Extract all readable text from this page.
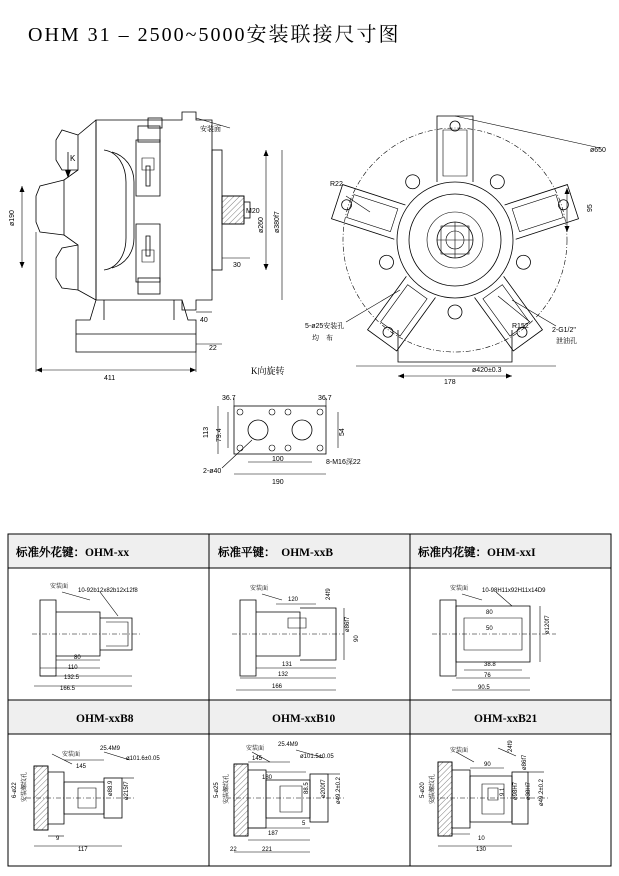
OHM 31 – 2500~5000安装联接尺寸图
安装面
K
M20
ø190	ø260 ø380f7
30
40
22
411
K向旋转
ø650
R22
95
5-ø25安装孔
均　布
R152
2-G1/2"
泄油孔
ø420±0.3
178
36.7	36.7
113 79.4	54
2-ø40
100
190
8-M16深22
标准外花键：OHM-xx	标准平键：　OHM-xxB	标准内花键：OHM-xxI
OHM-xxB8	OHM-xxB10	OHM-xxB21
安装面
10-92b12x82b12x12f8
80
110
132.5
166.5
安装面
120	24f9
ø86f7
90
131
132
166
安装面 10-98H11x92H11x14D9
80
50	ø120f7
38.8
76
90.5
安装面
25.4M9
ø101.6±0.05
145
ø88.9 ø215f7
6-ø22 安装螺纹孔
9
117
安装面
25.4M9
ø101.5±0.05
145
180
88.5 ø200f7 ø49.2±0.2
5-ø25 安装螺纹孔
5
187
22	221
安装面	24f9
90	ø86f7
9.1 ø98H7 ø38H7 ø49.2±0.2
5-ø20 安装螺纹孔
10
130
